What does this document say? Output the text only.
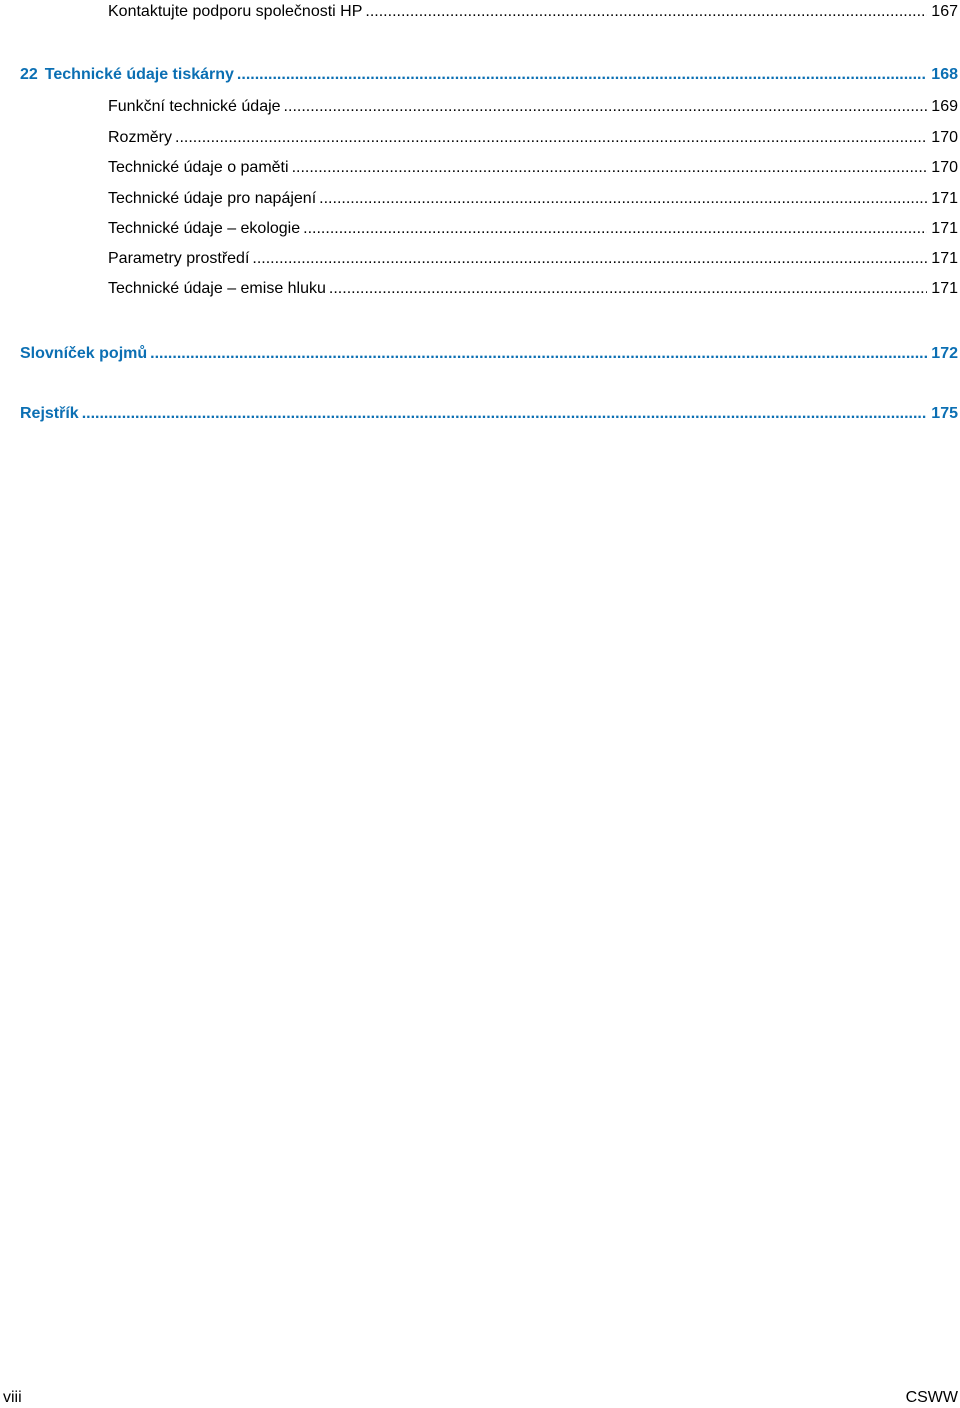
Kontaktujte podporu společnosti HP .....	167
22 Technické údaje tiskárny .....	168
Funkční technické údaje .....	169
Rozměry .....	170
Technické údaje o paměti .....	170
Technické údaje pro napájení .....	171
Technické údaje – ekologie .....	171
Parametry prostředí .....	171
Technické údaje – emise hluku .....	171
Slovníček pojmů .....	172
Rejstřík .....	175
viii	CSWW
